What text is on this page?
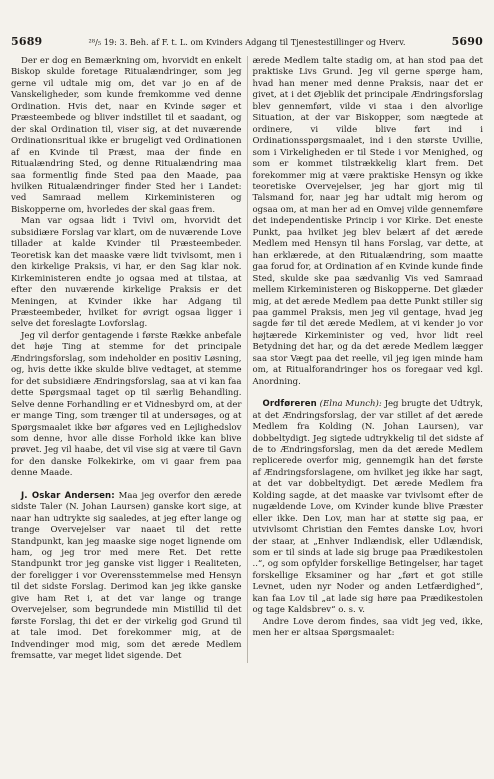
5689	²⁸/₅ 19: 3. Beh. af F. t. L. om Kvinders Adgang til Tjenestestillinger og Hverv.	5690

Der er dog en Bemærkning om, hvorvidt en enkelt Biskop skulde foretage Ritualændringer, som jeg gerne vil udtale mig om, det var jo en af de Vanskeligheder, som kunde fremkomme ved denne Ordination. Hvis det, naar en Kvinde søger et Præsteembede og bliver indstillet til et saadant, og der skal Ordination til, viser sig, at det nuværende Ordinationsritual ikke er brugeligt ved Ordinationen af en Kvinde til Præst, maa der finde en Ritualændring Sted, og denne Ritualændring maa saa formentlig finde Sted paa den Maade, paa hvilken Ritualændringer finder Sted her i Landet: ved Samraad mellem Kirkeministeren og Biskopperne om, hvorledes der skal gaas frem.

Man var ogsaa lidt i Tvivl om, hvorvidt det subsidiære Forslag var klart, om de nuværende Love tillader at kalde Kvinder til Præsteembeder. Teoretisk kan det maaske være lidt tvivlsomt, men i den kirkelige Praksis, vi har, er den Sag klar nok. Kirkeministeren endte jo ogsaa med at tilstaa, at efter den nuværende kirkelige Praksis er det Meningen, at Kvinder ikke har Adgang til Præsteembeder, hvilket for øvrigt ogsaa ligger i selve det foreslagte Lovforslag.

Jeg vil derfor gentagende i første Række anbefale det høje Ting at stemme for det principale Ændringsforslag, som indeholder en positiv Løsning, og, hvis dette ikke skulde blive vedtaget, at stemme for det subsidiære Ændringsforslag, saa at vi kan faa dette Spørgsmaal taget op til særlig Behandling. Selve denne Forhandling er et Vidnesbyrd om, at der er mange Ting, som trænger til at undersøges, og at Spørgsmaalet ikke bør afgøres ved en Lejlighedslov som denne, hvor alle disse Forhold ikke kan blive prøvet. Jeg vil haabe, det vil vise sig at være til Gavn for den danske Folkekirke, om vi gaar frem paa denne Maade.

J. Oskar Andersen: Maa jeg overfor den ærede sidste Taler (N. Johan Laursen) ganske kort sige, at naar han udtrykte sig saaledes, at jeg efter lange og trange Overvejelser var naaet til det rette Standpunkt, kan jeg maaske sige noget lignende om ham, og jeg tror med mere Ret. Det rette Standpunkt tror jeg ganske vist ligger i Realiteten, der foreligger i vor Overensstemmelse med Hensyn til det sidste Forslag. Derimod kan jeg ikke ganske give ham Ret i, at det var lange og trange Overvejelser, som begrundede min Mistillid til det første Forslag, thi det er der virkelig god Grund til at tale imod. Det forekommer mig, at de Indvendinger mod mig, som det ærede Medlem fremsatte, var meget lidet sigende. Det

ærede Medlem talte stadig om, at han stod paa det praktiske Livs Grund. Jeg vil gerne spørge ham, hvad han mener med denne Praksis, naar det er givet, at i det Øjeblik det principale Ændringsforslag blev gennemført, vilde vi staa i den alvorlige Situation, at der var Biskopper, som nægtede at ordinere, vi vilde blive ført ind i Ordinationsspørgsmaalet, ind i den største Uvillie, som i Virkeligheden er til Stede i vor Menighed, og som er kommet tilstrækkelig klart frem. Det forekommer mig at være praktiske Hensyn og ikke teoretiske Overvejelser, jeg har gjort mig til Talsmand for, naar jeg har udtalt mig herom og ogsaa om, at man her ad en Omvej vilde gennemføre det independentiske Princip i vor Kirke. Det eneste Punkt, paa hvilket jeg blev belært af det ærede Medlem med Hensyn til hans Forslag, var dette, at han erklærede, at den Ritualændring, som maatte gaa forud for, at Ordination af en Kvinde kunde finde Sted, skulde ske paa sædvanlig Vis ved Samraad mellem Kirkeministeren og Biskopperne. Det glæder mig, at det ærede Medlem paa dette Punkt stiller sig paa gammel Praksis, men jeg vil gentage, hvad jeg sagde før til det ærede Medlem, at vi kender jo vor højtærede Kirkeminister og ved, hvor lidt reel Betydning det har, og da det ærede Medlem lægger saa stor Vægt paa det reelle, vil jeg igen minde ham om, at Ritualforandringer hos os foregaar ved kgl. Anordning.

Ordføreren (Elna Munch): Jeg brugte det Udtryk, at det Ændringsforslag, der var stillet af det ærede Medlem fra Kolding (N. Johan Laursen), var dobbeltydigt. Jeg sigtede udtrykkelig til det sidste af de to Ændringsforslag, men da det ærede Medlem replicerede overfor mig, gennemgik han det første af Ændringsforslagene, om hvilket jeg ikke har sagt, at det var dobbeltydigt. Det ærede Medlem fra Kolding sagde, at det maaske var tvivlsomt efter de nugældende Love, om Kvinder kunde blive Præster eller ikke. Den Lov, man har at støtte sig paa, er utvivlsomt Christian den Femtes danske Lov, hvori der staar, at „Enhver Indlændisk, eller Udlændisk, som er til sinds at lade sig bruge paa Prædikestolen ..“, og som opfylder forskellige Betingelser, har taget forskellige Eksaminer og har „ført et got stille Levnet, uden nyr Noder og anden Letfærdighed“, kan faa Lov til „at lade sig høre paa Prædikestolen og tage Kaldsbrev“ o. s. v.

Andre Love derom findes, saa vidt jeg ved, ikke, men her er altsaa Spørgsmaalet:
